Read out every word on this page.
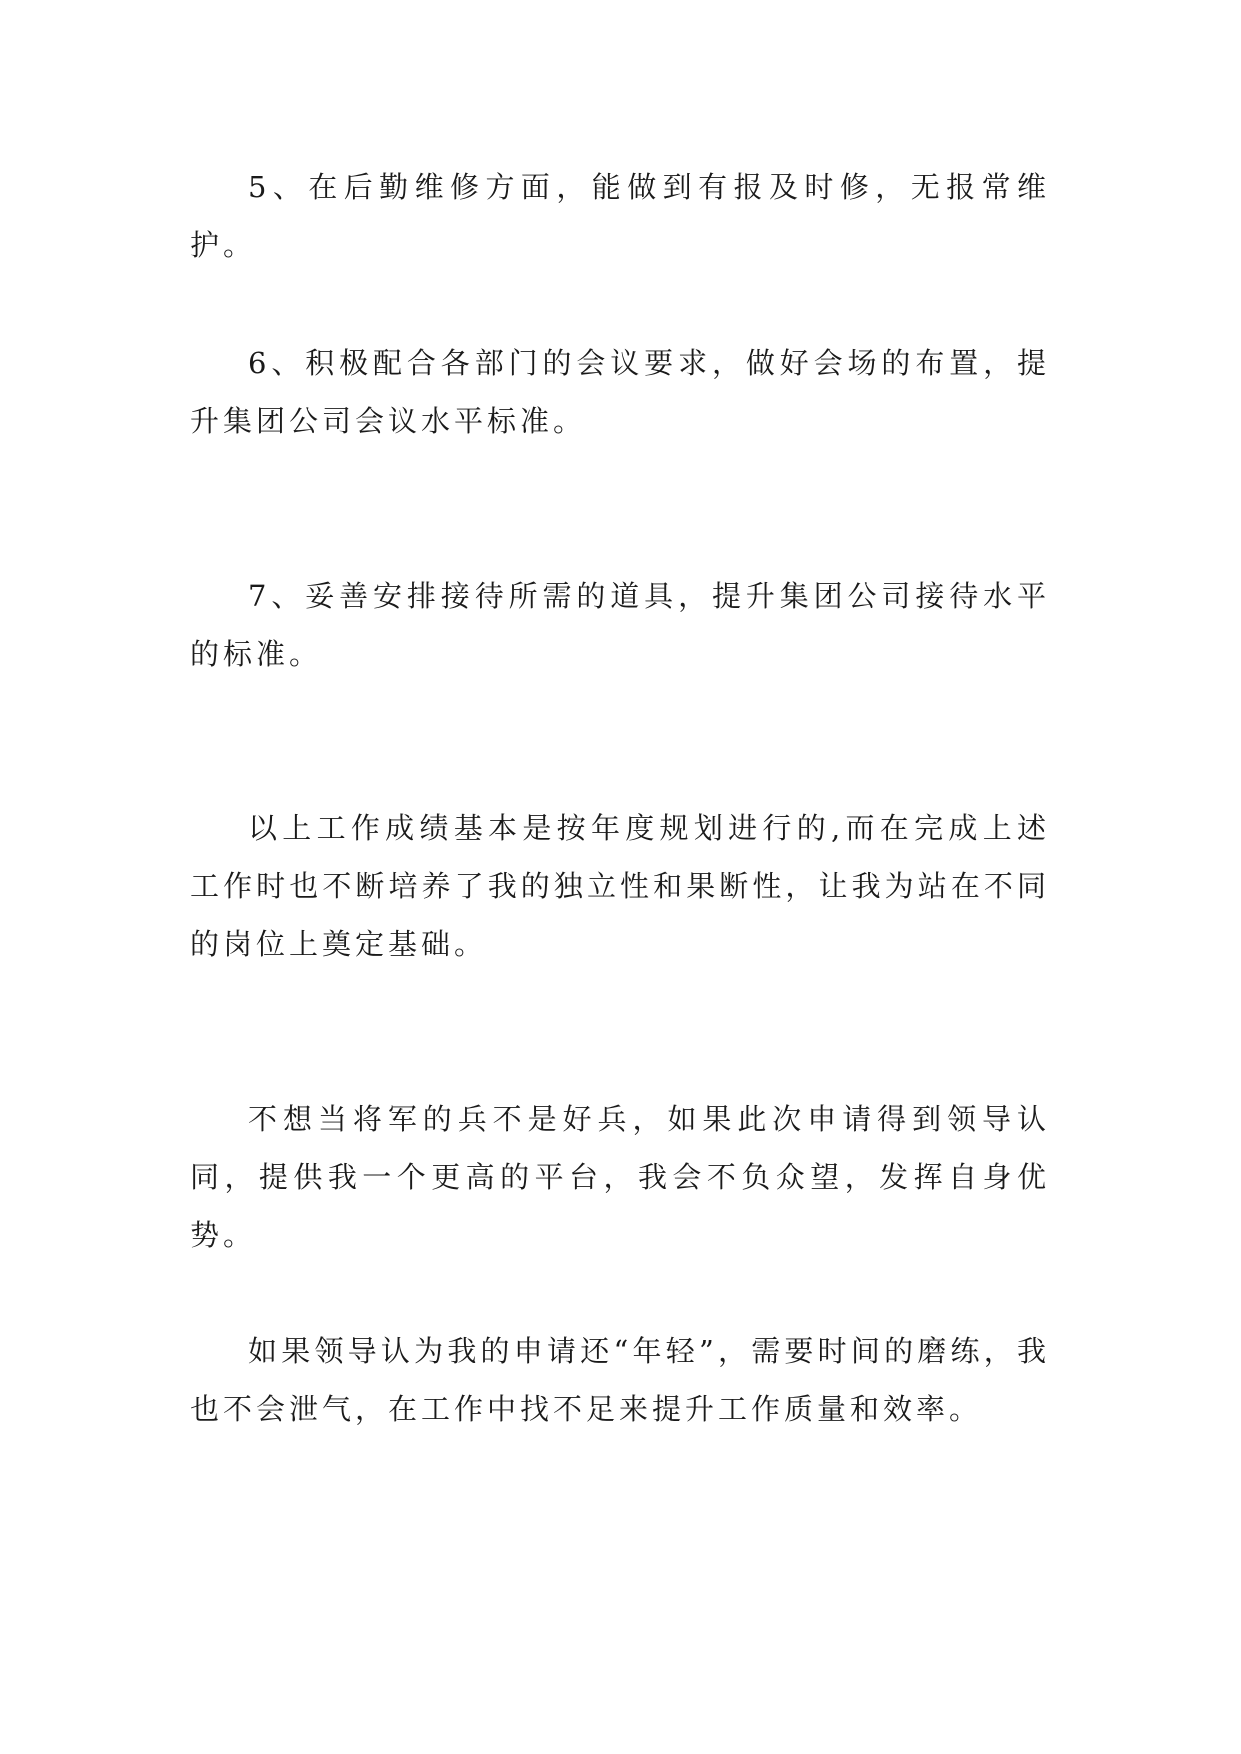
5、在后勤维修方面，能做到有报及时修，无报常维护。

6、积极配合各部门的会议要求，做好会场的布置，提升集团公司会议水平标准。

7、妥善安排接待所需的道具，提升集团公司接待水平的标准。

以上工作成绩基本是按年度规划进行的,而在完成上述工作时也不断培养了我的独立性和果断性，让我为站在不同的岗位上奠定基础。

不想当将军的兵不是好兵，如果此次申请得到领导认同，提供我一个更高的平台，我会不负众望，发挥自身优势。

如果领导认为我的申请还“年轻”，需要时间的磨练，我也不会泄气，在工作中找不足来提升工作质量和效率。
